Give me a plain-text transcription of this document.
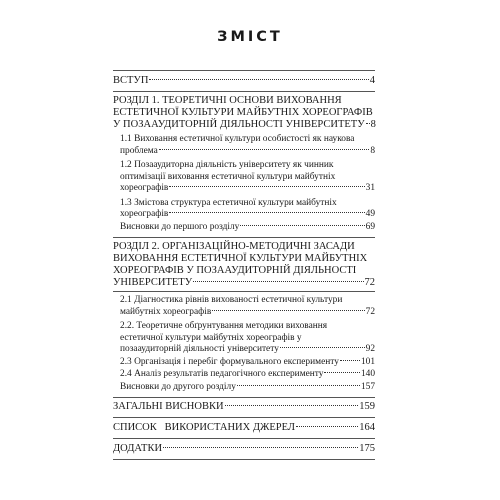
ЗМІСТ
ВСТУП	4
РОЗДІЛ 1. ТЕОРЕТИЧНІ ОСНОВИ ВИХОВАННЯ
ЕСТЕТИЧНОЇ КУЛЬТУРИ МАЙБУТНІХ ХОРЕОГРАФІВ
У ПОЗААУДИТОРНІЙ ДІЯЛЬНОСТІ УНІВЕРСИТЕТУ 8
1.1 Виховання естетичної культури особистості як наукова
проблема	8
1.2 Позааудиторна діяльність університету як чинник
оптимізації виховання естетичної культури майбутніх
хореографів	31
1.3 Змістова структура естетичної культури майбутніх
хореографів	49
Висновки до першого розділу	69
РОЗДІЛ 2. ОРГАНІЗАЦІЙНО-МЕТОДИЧНІ ЗАСАДИ
ВИХОВАННЯ ЕСТЕТИЧНОЇ КУЛЬТУРИ МАЙБУТНІХ
ХОРЕОГРАФІВ У ПОЗААУДИТОРНІЙ ДІЯЛЬНОСТІ
УНІВЕРСИТЕТУ	72
2.1 Діагностика рівнів вихованості естетичної культури
майбутніх хореографів	72
2.2. Теоретичне обґрунтування методики виховання
естетичної культури майбутніх хореографів у
позааудиторній діяльності університету	92
2.3 Організація і перебіг формувального експерименту 101
2.4 Аналіз результатів педагогічного експерименту	140
Висновки до другого розділу	157
ЗАГАЛЬНІ ВИСНОВКИ	159
СПИСОК   ВИКОРИСТАНИХ ДЖЕРЕЛ	164
ДОДАТКИ	175
